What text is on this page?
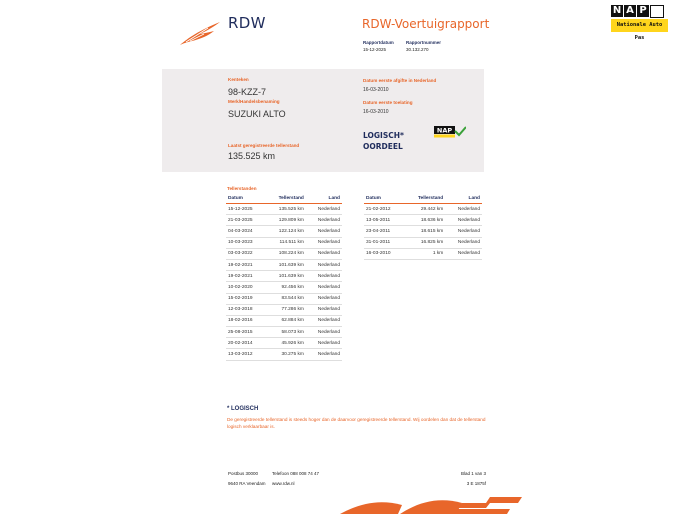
RDW	RDW-Voertuigrapport
Rapportdatum
15-12-2025
Rapportnummer
30.132.270
N A P
Nationale Auto Pas
Kenteken
98-KZZ-7
Merk/Handelsbenaming
SUZUKI ALTO
Laatst geregistreerde tellerstand
135.525 km
Datum eerste afgifte in Nederland
16-03-2010
Datum eerste toelating
16-03-2010
LOGISCH*
OORDEEL
NAP
Tellerstanden
Datum	Tellerstand	Land
15-12-2025	135.525 km	Nederland
21-03-2025	129.809 km	Nederland
04-03-2024	122.124 km	Nederland
10-03-2023	114.511 km	Nederland
03-03-2022	108.224 km	Nederland
19-02-2021	101.639 km	Nederland
19-02-2021	101.639 km	Nederland
10-02-2020	92.456 km	Nederland
15-02-2019	83.544 km	Nederland
12-03-2018	77.286 km	Nederland
18-02-2016	62.884 km	Nederland
25-08-2015	58.073 km	Nederland
20-02-2014	45.926 km	Nederland
13-03-2012	30.275 km	Nederland
Datum	Tellerstand	Land
21-02-2012	29.442 km	Nederland
13-05-2011	18.636 km	Nederland
23-04-2011	18.615 km	Nederland
31-01-2011	16.825 km	Nederland
16-03-2010	1 km	Nederland
* LOGISCH
De geregistreerde tellerstand is steeds hoger dan de daarvoor geregistreerde tellerstand. Wij oordelen dan dat de tellerstand logisch verklaarbaar is.
Postbus 30000
9640 RA Veendam
Telefoon 088 008 74 47
www.rdw.nl
Blad 1 van 3
3 E 1875f
